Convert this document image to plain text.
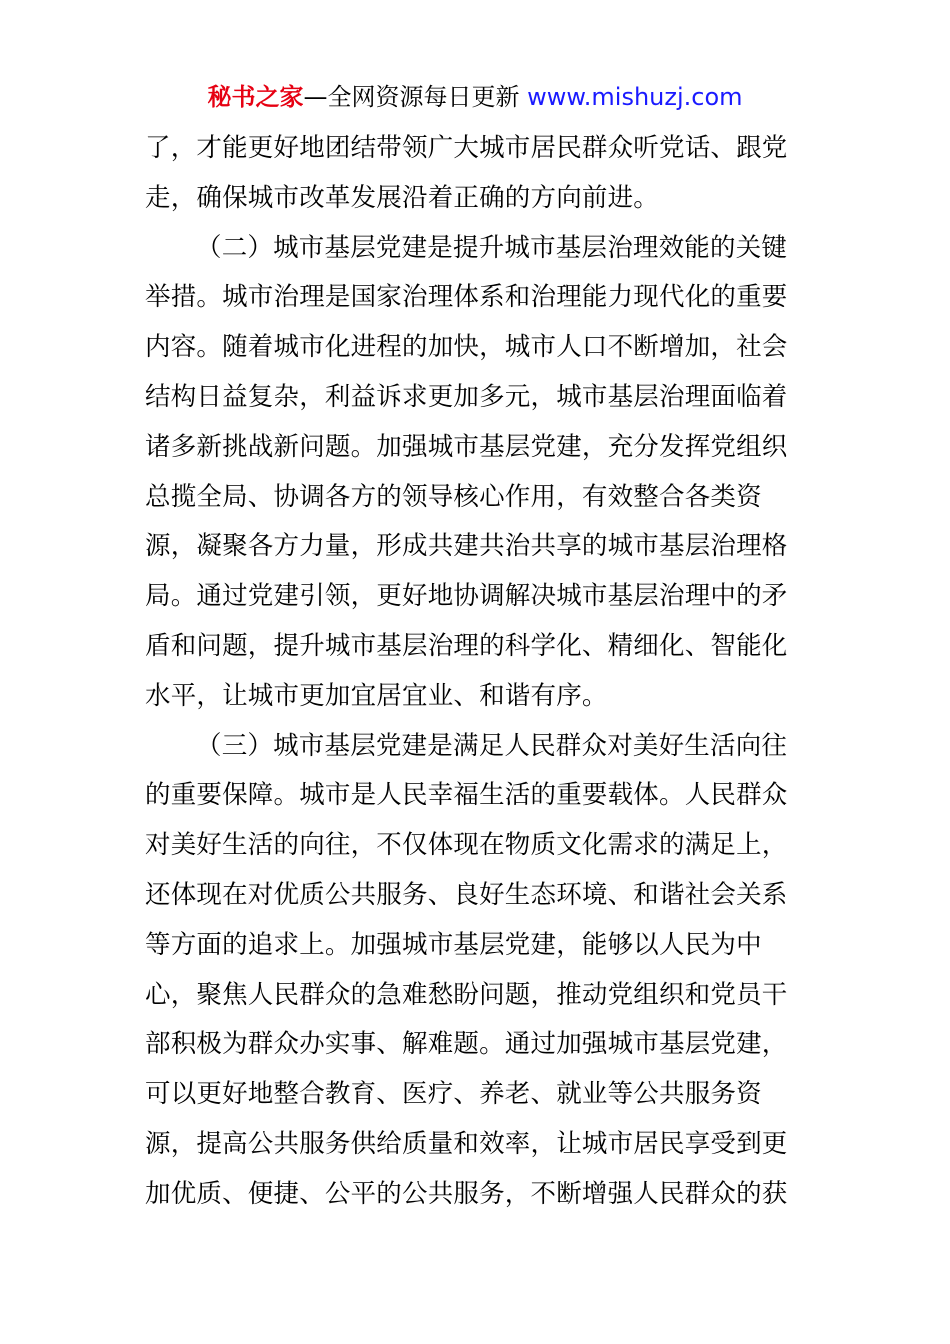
秘书之家—全网资源每日更新 www.mishuzj.com
了，才能更好地团结带领广大城市居民群众听党话、跟党
走，确保城市改革发展沿着正确的方向前进。
（二）城市基层党建是提升城市基层治理效能的关键
举措。城市治理是国家治理体系和治理能力现代化的重要
内容。随着城市化进程的加快，城市人口不断增加，社会
结构日益复杂，利益诉求更加多元，城市基层治理面临着
诸多新挑战新问题。加强城市基层党建，充分发挥党组织
总揽全局、协调各方的领导核心作用，有效整合各类资
源，凝聚各方力量，形成共建共治共享的城市基层治理格
局。通过党建引领，更好地协调解决城市基层治理中的矛
盾和问题，提升城市基层治理的科学化、精细化、智能化
水平，让城市更加宜居宜业、和谐有序。
（三）城市基层党建是满足人民群众对美好生活向往
的重要保障。城市是人民幸福生活的重要载体。人民群众
对美好生活的向往，不仅体现在物质文化需求的满足上，
还体现在对优质公共服务、良好生态环境、和谐社会关系
等方面的追求上。加强城市基层党建，能够以人民为中
心，聚焦人民群众的急难愁盼问题，推动党组织和党员干
部积极为群众办实事、解难题。通过加强城市基层党建，
可以更好地整合教育、医疗、养老、就业等公共服务资
源，提高公共服务供给质量和效率，让城市居民享受到更
加优质、便捷、公平的公共服务，不断增强人民群众的获
